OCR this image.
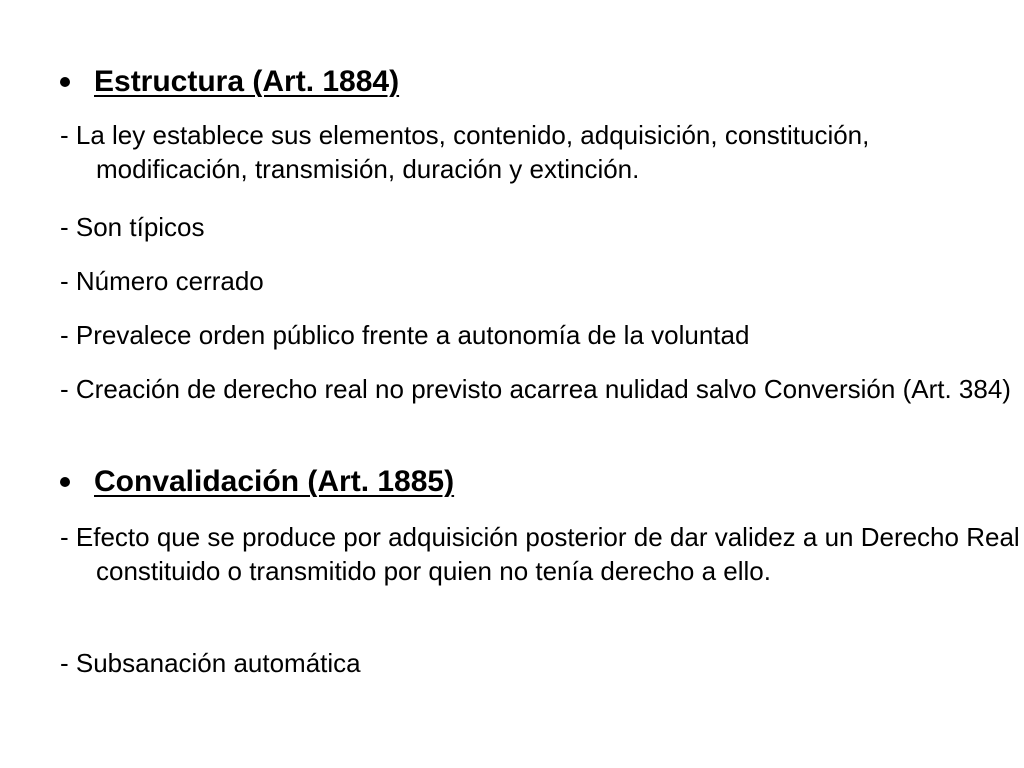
Estructura (Art. 1884)
- La ley establece sus elementos, contenido, adquisición, constitución, modificación, transmisión, duración y extinción.
- Son típicos
- Número cerrado
- Prevalece orden público frente a autonomía de la voluntad
- Creación de derecho real no previsto acarrea nulidad salvo Conversión (Art. 384)
Convalidación (Art. 1885)
- Efecto que se produce por adquisición posterior de dar validez a un Derecho Real constituido o transmitido por quien no tenía derecho a ello.
- Subsanación automática
